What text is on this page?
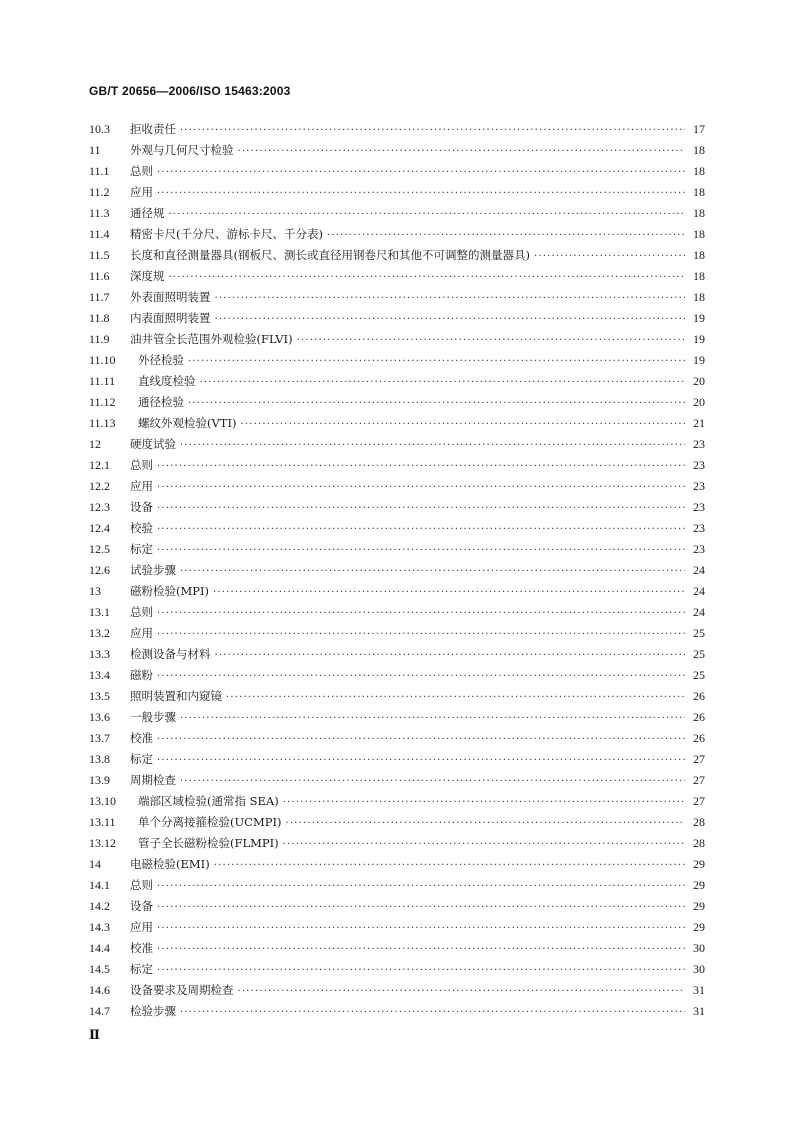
GB/T 20656—2006/ISO 15463:2003
10.3	拒收责任 ·····	17
11	外观与几何尺寸检验 ·····	18
11.1	总则 ·····	18
11.2	应用 ·····	18
11.3	通径规 ·····	18
11.4	精密卡尺(千分尺、游标卡尺、千分表) ·····	18
11.5	长度和直径测量器具(钢板尺、测长或直径用钢卷尺和其他不可调整的测量器具) ·····	18
11.6	深度规 ·····	18
11.7	外表面照明装置 ·····	18
11.8	内表面照明装置 ·····	19
11.9	油井管全长范围外观检验(FLVI) ·····	19
11.10	外径检验 ·····	19
11.11	直线度检验 ·····	20
11.12	通径检验 ·····	20
11.13	螺纹外观检验(VTI) ·····	21
12	硬度试验 ·····	23
12.1	总则 ·····	23
12.2	应用 ·····	23
12.3	设备 ·····	23
12.4	校验 ·····	23
12.5	标定 ·····	23
12.6	试验步骤 ·····	24
13	磁粉检验(MPI) ·····	24
13.1	总则 ·····	24
13.2	应用 ·····	25
13.3	检测设备与材料 ·····	25
13.4	磁粉 ·····	25
13.5	照明装置和内窥镜 ·····	26
13.6	一般步骤 ·····	26
13.7	校准 ·····	26
13.8	标定 ·····	27
13.9	周期检查 ·····	27
13.10	端部区域检验(通常指 SEA) ·····	27
13.11	单个分离接箍检验(UCMPI) ·····	28
13.12	管子全长磁粉检验(FLMPI) ·····	28
14	电磁检验(EMI) ·····	29
14.1	总则 ·····	29
14.2	设备 ·····	29
14.3	应用 ·····	29
14.4	校准 ·····	30
14.5	标定 ·····	30
14.6	设备要求及周期检查 ·····	31
14.7	检验步骤 ·····	31
Ⅱ
